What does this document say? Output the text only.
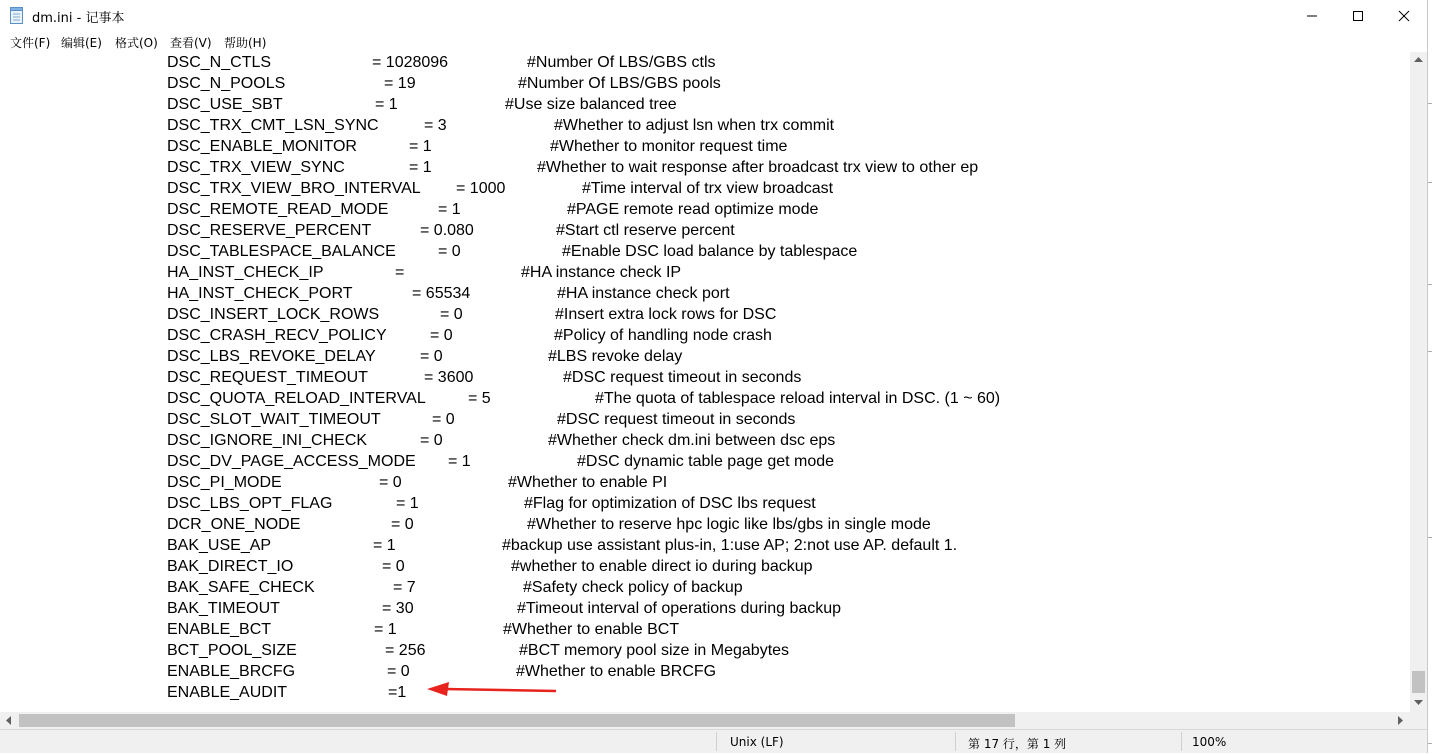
dm.ini - 记事本
文件(F) 编辑(E) 格式(O) 查看(V) 帮助(H)
DSC_N_CTLS	= 1028096	#Number Of LBS/GBS ctls
DSC_N_POOLS	= 19	#Number Of LBS/GBS pools
DSC_USE_SBT	= 1	#Use size balanced tree
DSC_TRX_CMT_LSN_SYNC	= 3	#Whether to adjust lsn when trx commit
DSC_ENABLE_MONITOR	= 1	#Whether to monitor request time
DSC_TRX_VIEW_SYNC	= 1	#Whether to wait response after broadcast trx view to other ep
DSC_TRX_VIEW_BRO_INTERVAL = 1000	#Time interval of trx view broadcast
DSC_REMOTE_READ_MODE	= 1	#PAGE remote read optimize mode
DSC_RESERVE_PERCENT	= 0.080	#Start ctl reserve percent
DSC_TABLESPACE_BALANCE	= 0	#Enable DSC load balance by tablespace
HA_INST_CHECK_IP	=	#HA instance check IP
HA_INST_CHECK_PORT	= 65534	#HA instance check port
DSC_INSERT_LOCK_ROWS	= 0	#Insert extra lock rows for DSC
DSC_CRASH_RECV_POLICY	= 0	#Policy of handling node crash
DSC_LBS_REVOKE_DELAY	= 0	#LBS revoke delay
DSC_REQUEST_TIMEOUT	= 3600	#DSC request timeout in seconds
DSC_QUOTA_RELOAD_INTERVAL	= 5	#The quota of tablespace reload interval in DSC. (1 ~ 60)
DSC_SLOT_WAIT_TIMEOUT	= 0	#DSC request timeout in seconds
DSC_IGNORE_INI_CHECK	= 0	#Whether check dm.ini between dsc eps
DSC_DV_PAGE_ACCESS_MODE = 1	#DSC dynamic table page get mode
DSC_PI_MODE	= 0	#Whether to enable PI
DSC_LBS_OPT_FLAG	= 1	#Flag for optimization of DSC lbs request
DCR_ONE_NODE	= 0	#Whether to reserve hpc logic like lbs/gbs in single mode
BAK_USE_AP	= 1	#backup use assistant plus-in, 1:use AP; 2:not use AP. default 1.
BAK_DIRECT_IO	= 0	#whether to enable direct io during backup
BAK_SAFE_CHECK	= 7	#Safety check policy of backup
BAK_TIMEOUT	= 30	#Timeout interval of operations during backup
ENABLE_BCT	= 1	#Whether to enable BCT
BCT_POOL_SIZE	= 256	#BCT memory pool size in Megabytes
ENABLE_BRCFG	= 0	#Whether to enable BRCFG
ENABLE_AUDIT	=1
Unix (LF)	第 17 行，第 1 列	100%
